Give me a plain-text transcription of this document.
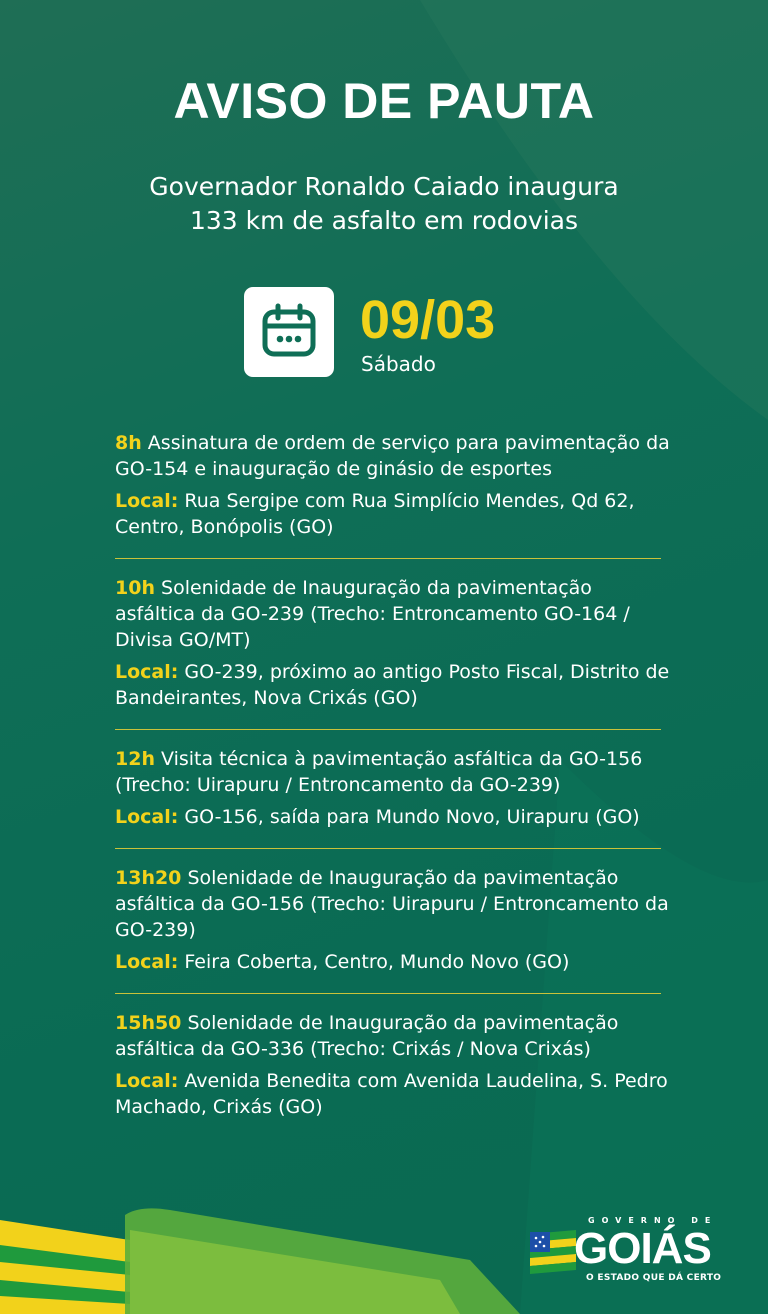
AVISO DE PAUTA
Governador Ronaldo Caiado inaugura
133 km de asfalto em rodovias
09/03
Sábado

8h Assinatura de ordem de serviço para pavimentação da GO-154 e inauguração de ginásio de esportes

Local: Rua Sergipe com Rua Simplício Mendes, Qd 62, Centro, Bonópolis (GO)

10h Solenidade de Inauguração da pavimentação asfáltica da GO-239 (Trecho: Entroncamento GO-164 / Divisa GO/MT)

Local: GO-239, próximo ao antigo Posto Fiscal, Distrito de Bandeirantes, Nova Crixás (GO)

12h Visita técnica à pavimentação asfáltica da GO-156 (Trecho: Uirapuru / Entroncamento da GO-239)

Local: GO-156, saída para Mundo Novo, Uirapuru (GO)

13h20 Solenidade de Inauguração da pavimentação asfáltica da GO-156 (Trecho: Uirapuru / Entroncamento da GO-239)

Local: Feira Coberta, Centro, Mundo Novo (GO)

15h50 Solenidade de Inauguração da pavimentação asfáltica da GO-336 (Trecho: Crixás / Nova Crixás)

Local: Avenida Benedita com Avenida Laudelina, S. Pedro Machado, Crixás (GO)

GOVERNO DE
GOIÁS
O ESTADO QUE DÁ CERTO
